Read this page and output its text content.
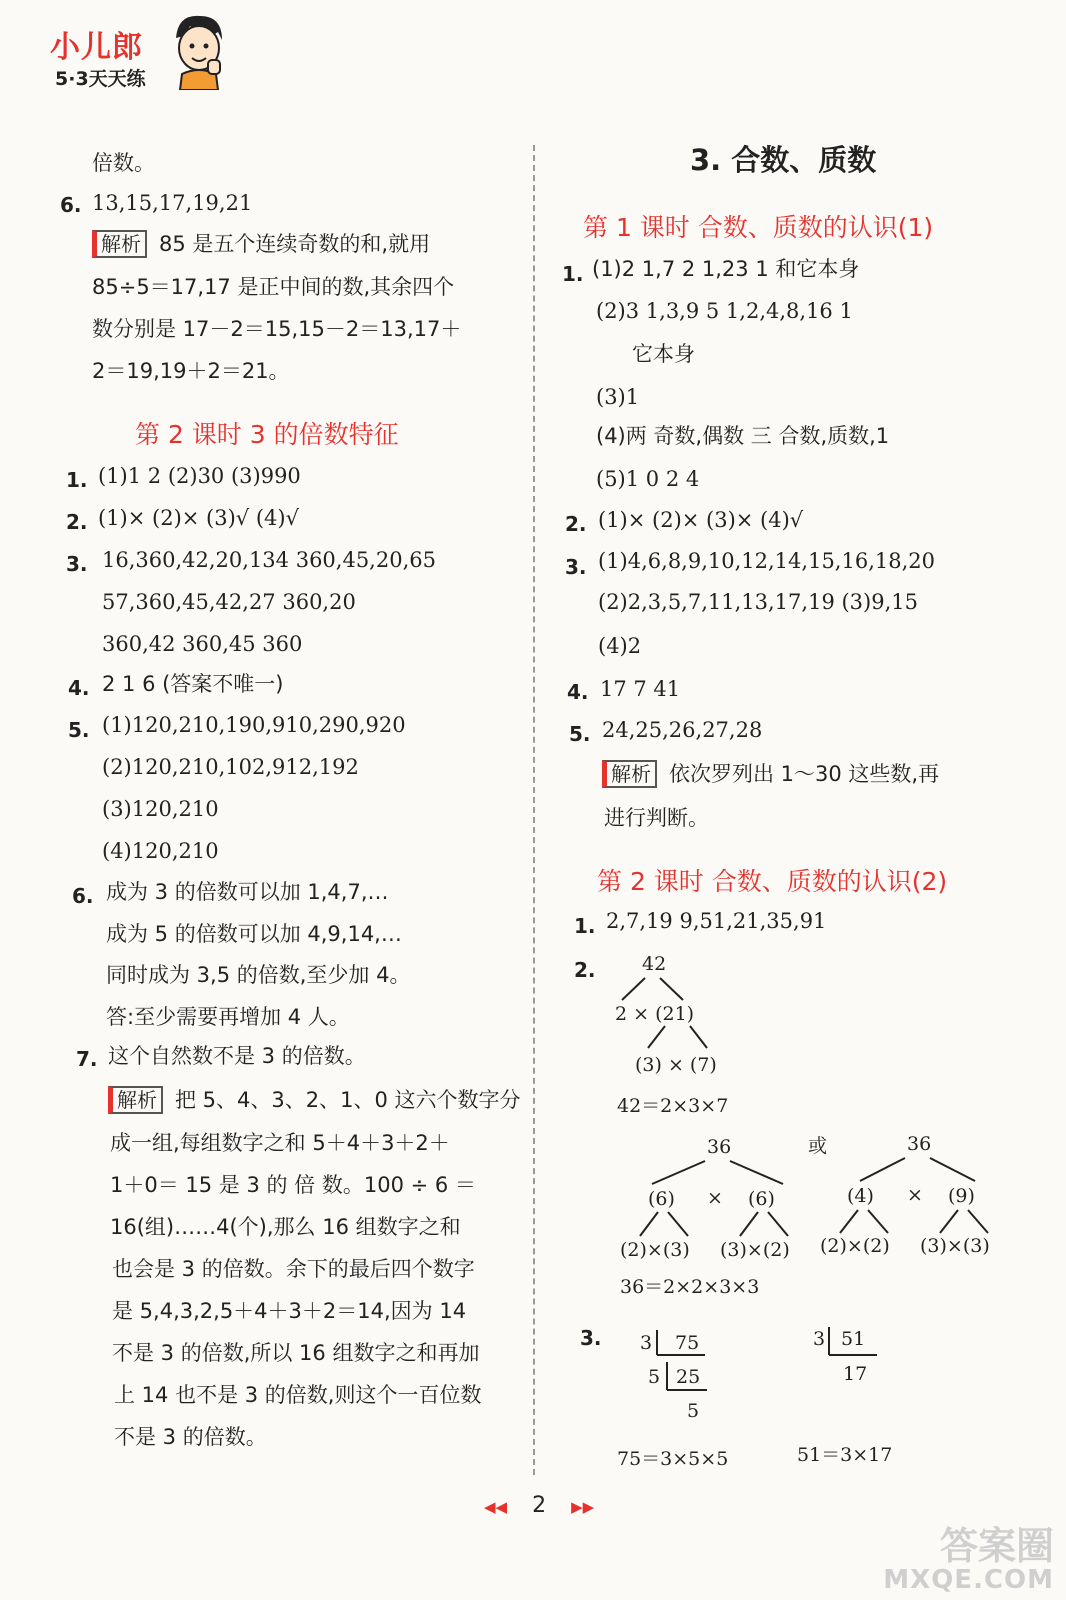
小儿郎
5·3天天练
倍数。
6. 13,15,17,19,21
解析 85 是五个连续奇数的和,就用
85÷5＝17,17 是正中间的数,其余四个
数分别是 17－2＝15,15－2＝13,17＋
2＝19,19＋2＝21。
第 2 课时 3 的倍数特征
1. (1)1 2 (2)30 (3)990
2. (1)× (2)× (3)√ (4)√
3. 16,360,42,20,134 360,45,20,65
57,360,45,42,27 360,20
360,42 360,45 360
4. 2 1 6 (答案不唯一)
5. (1)120,210,190,910,290,920
(2)120,210,102,912,192
(3)120,210
(4)120,210
6. 成为 3 的倍数可以加 1,4,7,…
成为 5 的倍数可以加 4,9,14,…
同时成为 3,5 的倍数,至少加 4。
答:至少需要再增加 4 人。
7. 这个自然数不是 3 的倍数。
解析 把 5、4、3、2、1、0 这六个数字分
成一组,每组数字之和 5＋4＋3＋2＋
1＋0＝ 15 是 3 的 倍 数。100 ÷ 6 ＝
16(组)……4(个),那么 16 组数字之和
也会是 3 的倍数。余下的最后四个数字
是 5,4,3,2,5＋4＋3＋2＝14,因为 14
不是 3 的倍数,所以 16 组数字之和再加
上 14 也不是 3 的倍数,则这个一百位数
不是 3 的倍数。
3. 合数、质数
第 1 课时 合数、质数的认识(1)
1. (1)2 1,7 2 1,23 1 和它本身
(2)3 1,3,9 5 1,2,4,8,16 1
它本身
(3)1
(4)两 奇数,偶数 三 合数,质数,1
(5)1 0 2 4
2. (1)× (2)× (3)× (4)√
3. (1)4,6,8,9,10,12,14,15,16,18,20
(2)2,3,5,7,11,13,17,19 (3)9,15
(4)2
4. 17 7 41
5. 24,25,26,27,28
解析 依次罗列出 1～30 这些数,再
进行判断。
第 2 课时 合数、质数的认识(2)
1. 2,7,19 9,51,21,35,91
2.
3.
42
2 × (21)
(3) × (7)
42＝2×3×7
36
(6) × (6)
(2)×(3) (3)×(2)
或	36
(4) × (9)
(2)×(2) (3)×(3)
36＝2×2×3×3
3 75
5 25
5
3 51
17
75＝3×5×5	51＝3×17
◀◀ 2 ▶▶
答案圈
MXQE.COM
